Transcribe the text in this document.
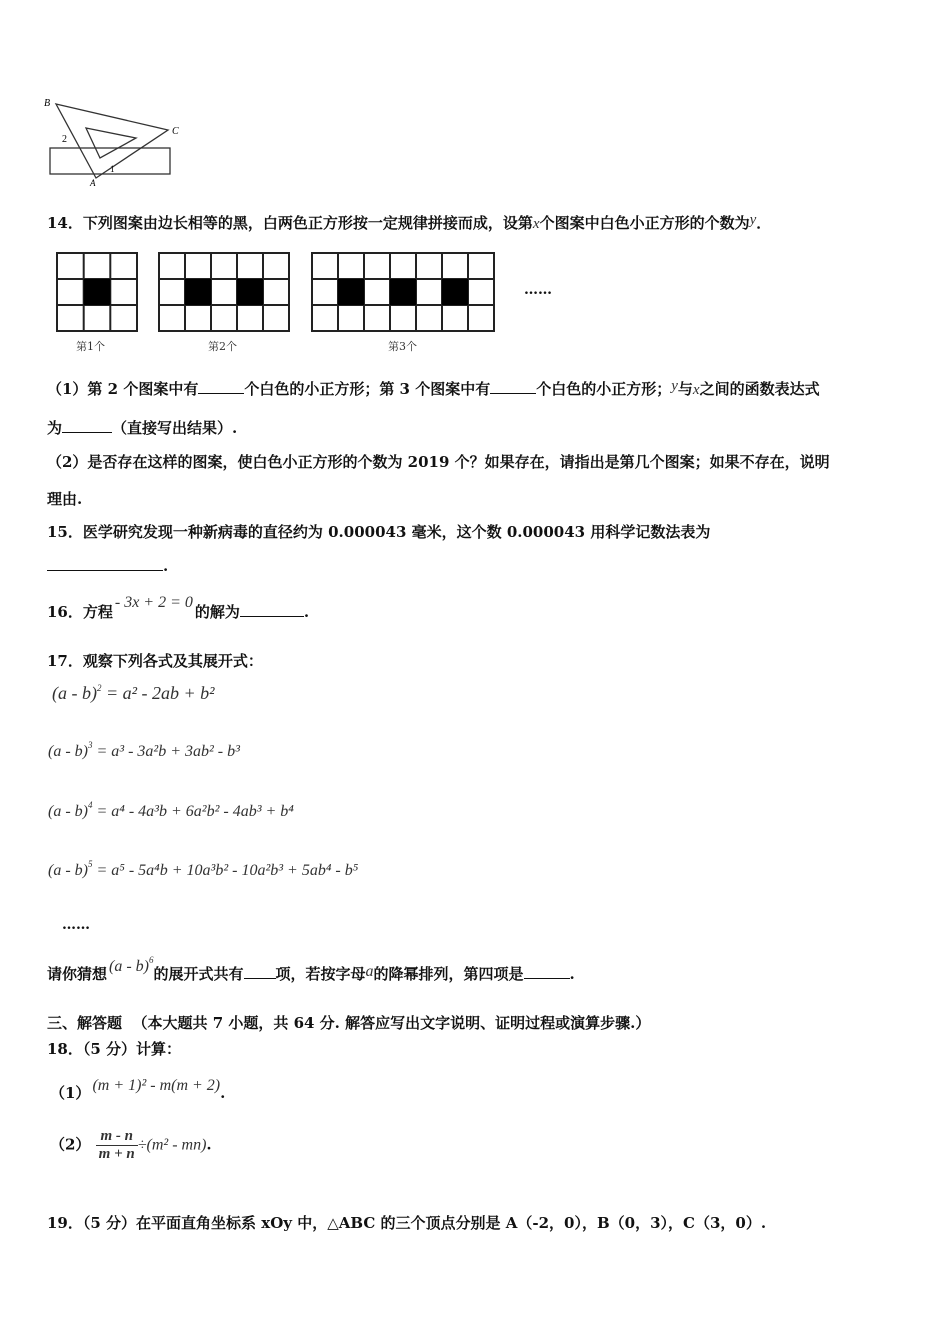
B
C
A
2
1
14．下列图案由边长相等的黑，白两色正方形按一定规律拼接而成，设第x个图案中白色小正方形的个数为y．
第1个	第2个	第3个
……
（1）第 2 个图案中有	个白色的小正方形；第 3 个图案中有	个白色的小正方形；y与x之间的函数表达式
为	（直接写出结果）.
（2）是否存在这样的图案，使白色小正方形的个数为 2019 个？如果存在，请指出是第几个图案；如果不存在，说明
理由.
15．医学研究发现一种新病毒的直径约为 0.000043 毫米，这个数 0.000043 用科学记数法表为
.
16．方程- 3x + 2 = 0的解为	.
17．观察下列各式及其展开式：
(a - b)$^2$ = a² - 2ab + b²
(a - b)$^3$ = a³ - 3a²b + 3ab² - b³
(a - b)$^4$ = a⁴ - 4a³b + 6a²b² - 4ab³ + b⁴
(a - b)$^5$ = a⁵ - 5a⁴b + 10a³b² - 10a²b³ + 5ab⁴ - b⁵
……
请你猜想 (a - b)$^6$的展开式共有 项，若按字母a的降幂排列，第四项是	.
三、解答题 （本大题共 7 小题，共 64 分. 解答应写出文字说明、证明过程或演算步骤.）
18．（5 分）计算：
（1） (m + 1)² - m(m + 2).
$(2) \frac{m - n}{m + n} \div(m^2 - mn)$.
19．（5 分）在平面直角坐标系 xOy 中，△ABC 的三个顶点分别是 A（-2，0），B（0，3），C（3，0）.
